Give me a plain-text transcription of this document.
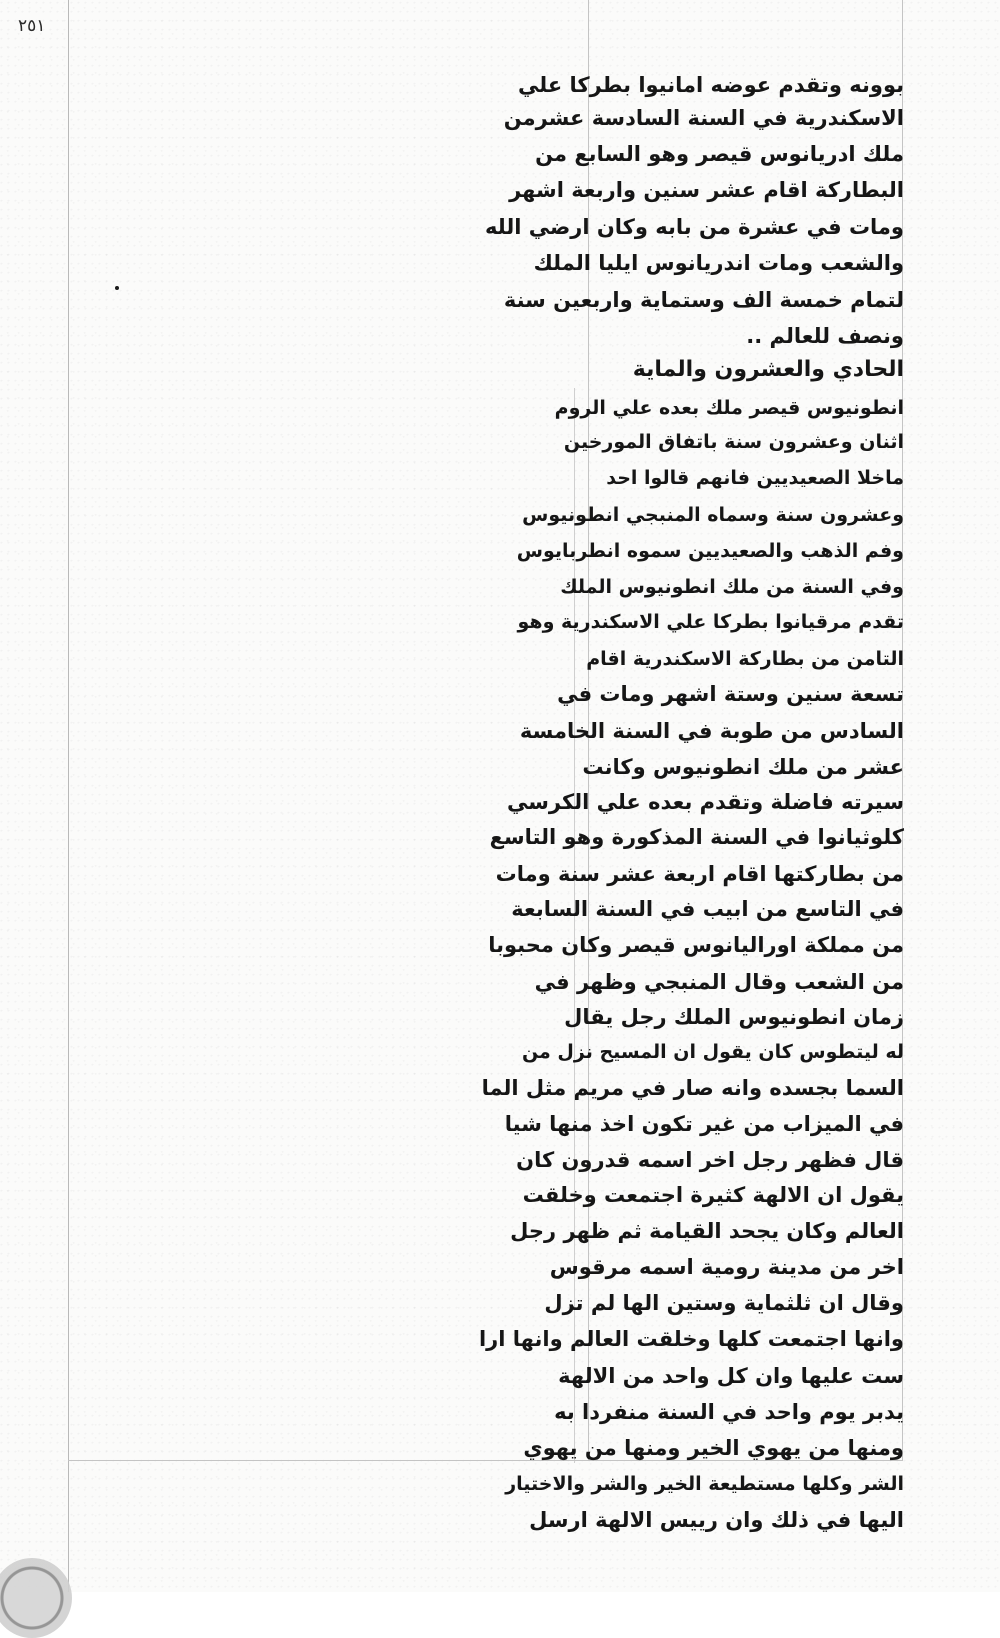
٢٥١
بوونه وتقدم عوضه امانيوا بطركا علي
الاسكندرية في السنة السادسة عشرمن
ملك ادريانوس قيصر وهو السابع من
البطاركة اقام عشر سنين واربعة اشهر
ومات في عشرة من بابه وكان ارضي الله
والشعب ومات اندريانوس ايليا الملك
لتمام خمسة الف وستماية واربعين سنة
ونصف للعالم ..
الحادي والعشرون والماية
انطونيوس قيصر ملك بعده علي الروم
اثنان وعشرون سنة باتفاق المورخين
ماخلا الصعيديين فانهم قالوا احد
وعشرون سنة وسماه المنبجي انطونيوس
وفم الذهب والصعيديين سموه انطربايوس
وفي السنة من ملك انطونيوس الملك
تقدم مرقيانوا بطركا علي الاسكندرية وهو
التامن من بطاركة الاسكندرية اقام
تسعة سنين وستة اشهر ومات في
السادس من طوبة في السنة الخامسة
عشر من ملك انطونيوس وكانت
سيرته فاضلة وتقدم بعده علي الكرسي
كلوثيانوا في السنة المذكورة وهو التاسع
من بطاركتها اقام اربعة عشر سنة ومات
في التاسع من ابيب في السنة السابعة
من مملكة اوراليانوس قيصر وكان محبوبا
من الشعب وقال المنبجي وظهر في
زمان انطونيوس الملك رجل يقال
له ليتطوس كان يقول ان المسيح نزل من
السما بجسده وانه صار في مريم مثل الما
في الميزاب من غير تكون اخذ منها شيا
قال فظهر رجل اخر اسمه قدرون كان
يقول ان الالهة كثيرة اجتمعت وخلقت
العالم وكان يجحد القيامة ثم ظهر رجل
اخر من مدينة رومية اسمه مرقوس
وقال ان ثلثماية وستين الها لم تزل
وانها اجتمعت كلها وخلقت العالم وانها ارا
ست عليها وان كل واحد من الالهة
يدبر يوم واحد في السنة منفردا به
ومنها من يهوي الخير ومنها من يهوي
الشر وكلها مستطيعة الخير والشر والاختيار
اليها في ذلك وان رييس الالهة ارسل
